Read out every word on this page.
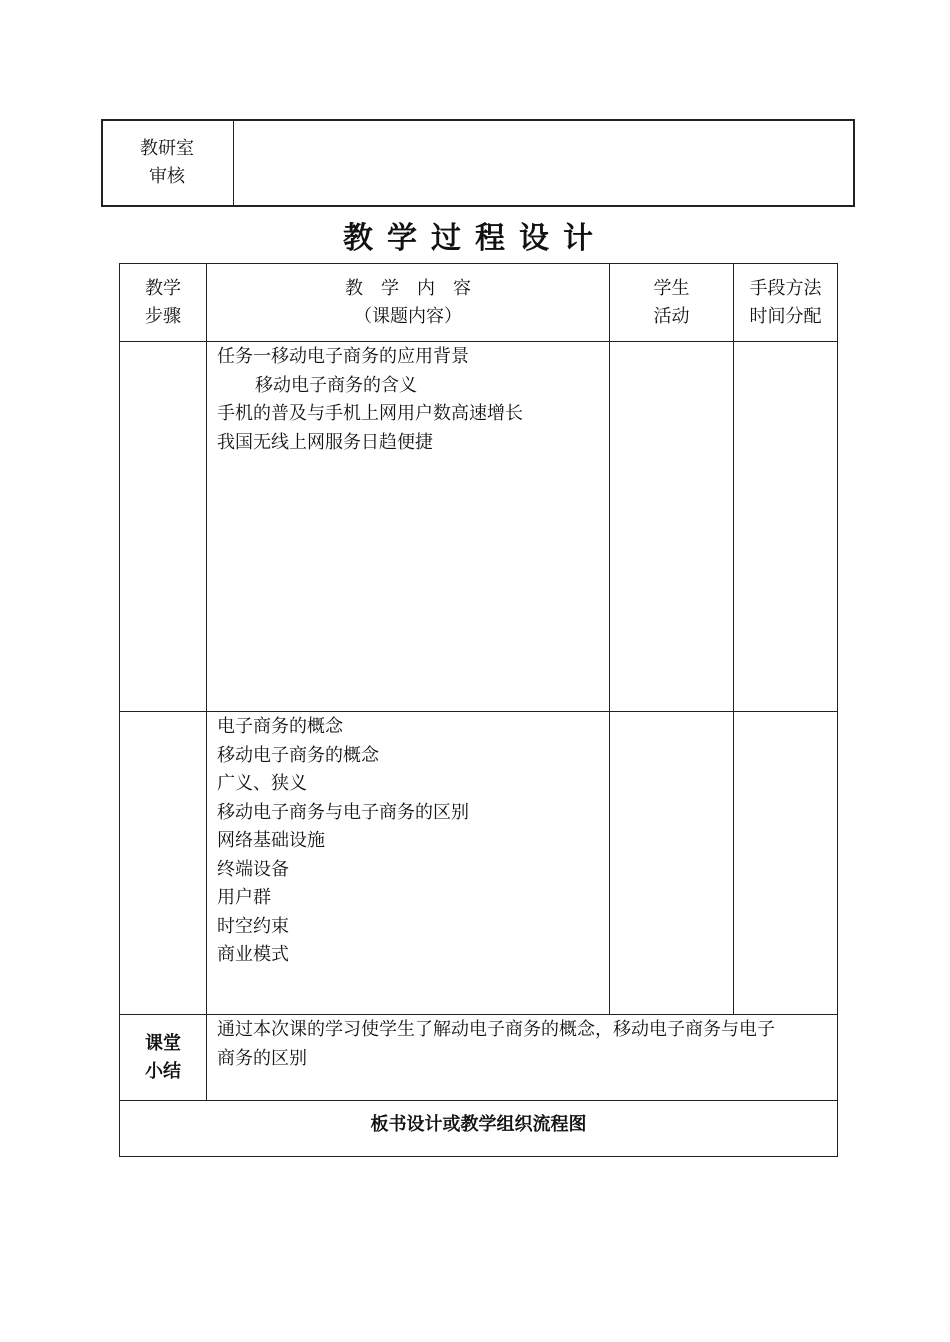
教研室
审核
教学过程设计
教学
步骤
教　学　内　容
（课题内容）
学生
活动
手段方法
时间分配
任务一移动电子商务的应用背景
移动电子商务的含义
手机的普及与手机上网用户数高速增长
我国无线上网服务日趋便捷
电子商务的概念
移动电子商务的概念
广义、狭义
移动电子商务与电子商务的区别
网络基础设施
终端设备
用户群
时空约束
商业模式
课堂
小结
通过本次课的学习使学生了解动电子商务的概念，移动电子商务与电子
商务的区别
板书设计或教学组织流程图
